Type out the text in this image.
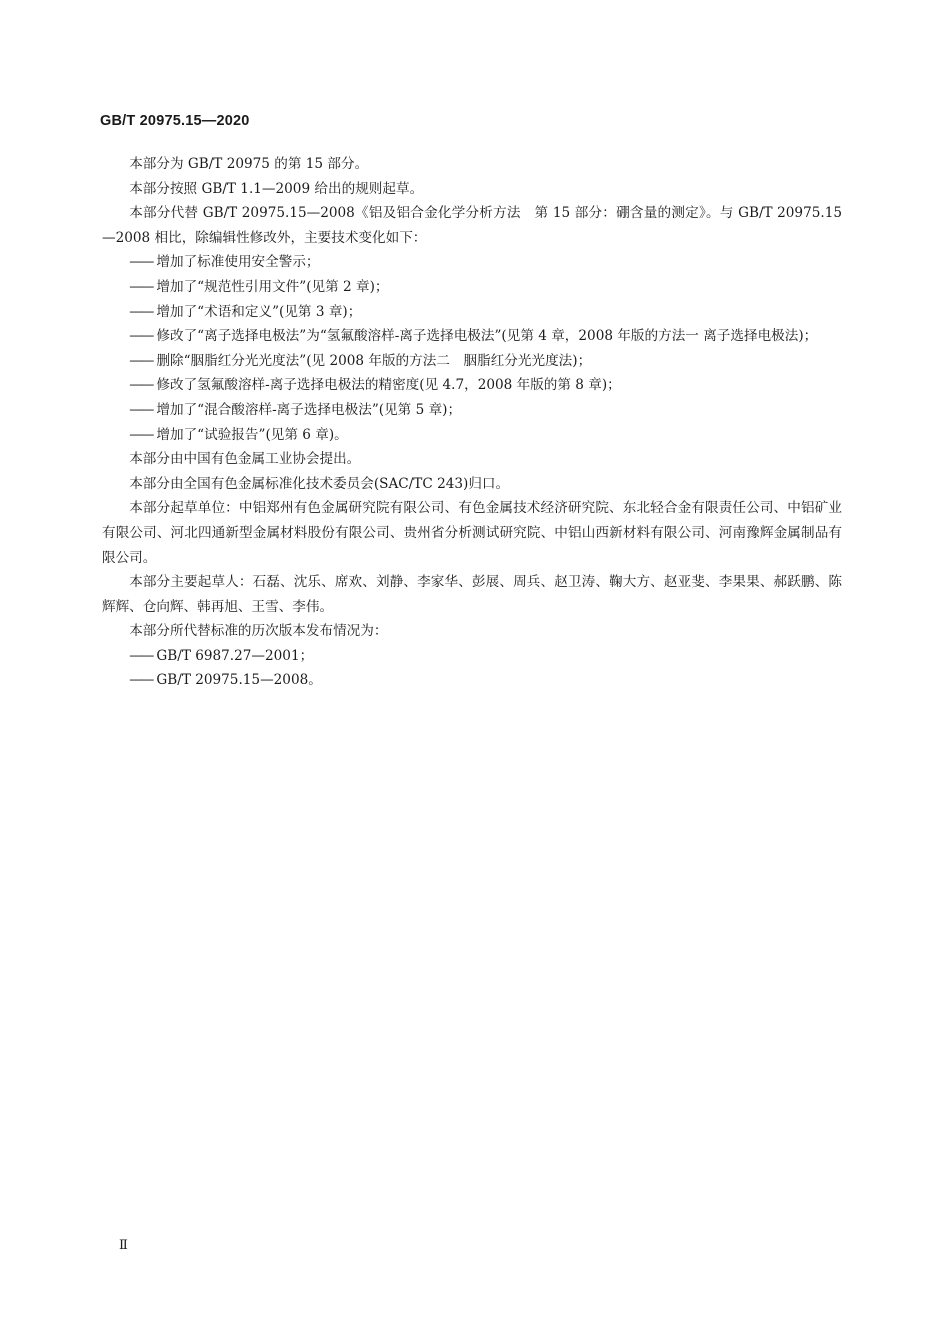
GB/T 20975.15—2020

本部分为 GB/T 20975 的第 15 部分。

本部分按照 GB/T 1.1—2009 给出的规则起草。

本部分代替 GB/T 20975.15—2008《铝及铝合金化学分析方法　第 15 部分：硼含量的测定》。与 GB/T 20975.15—2008 相比，除编辑性修改外，主要技术变化如下：

—— 增加了标准使用安全警示；
—— 增加了“规范性引用文件”(见第 2 章)；
—— 增加了“术语和定义”(见第 3 章)；
—— 修改了“离子选择电极法”为“氢氟酸溶样-离子选择电极法”(见第 4 章，2008 年版的方法一 离子选择电极法)；
—— 删除“胭脂红分光光度法”(见 2008 年版的方法二　胭脂红分光光度法)；
—— 修改了氢氟酸溶样-离子选择电极法的精密度(见 4.7，2008 年版的第 8 章)；
—— 增加了“混合酸溶样-离子选择电极法”(见第 5 章)；
—— 增加了“试验报告”(见第 6 章)。

本部分由中国有色金属工业协会提出。

本部分由全国有色金属标准化技术委员会(SAC/TC 243)归口。

本部分起草单位：中铝郑州有色金属研究院有限公司、有色金属技术经济研究院、东北轻合金有限责任公司、中铝矿业有限公司、河北四通新型金属材料股份有限公司、贵州省分析测试研究院、中铝山西新材料有限公司、河南豫辉金属制品有限公司。

本部分主要起草人：石磊、沈乐、席欢、刘静、李家华、彭展、周兵、赵卫涛、鞠大方、赵亚斐、李果果、郝跃鹏、陈辉辉、仓向辉、韩再旭、王雪、李伟。

本部分所代替标准的历次版本发布情况为：

—— GB/T 6987.27—2001；
—— GB/T 20975.15—2008。
Ⅱ
